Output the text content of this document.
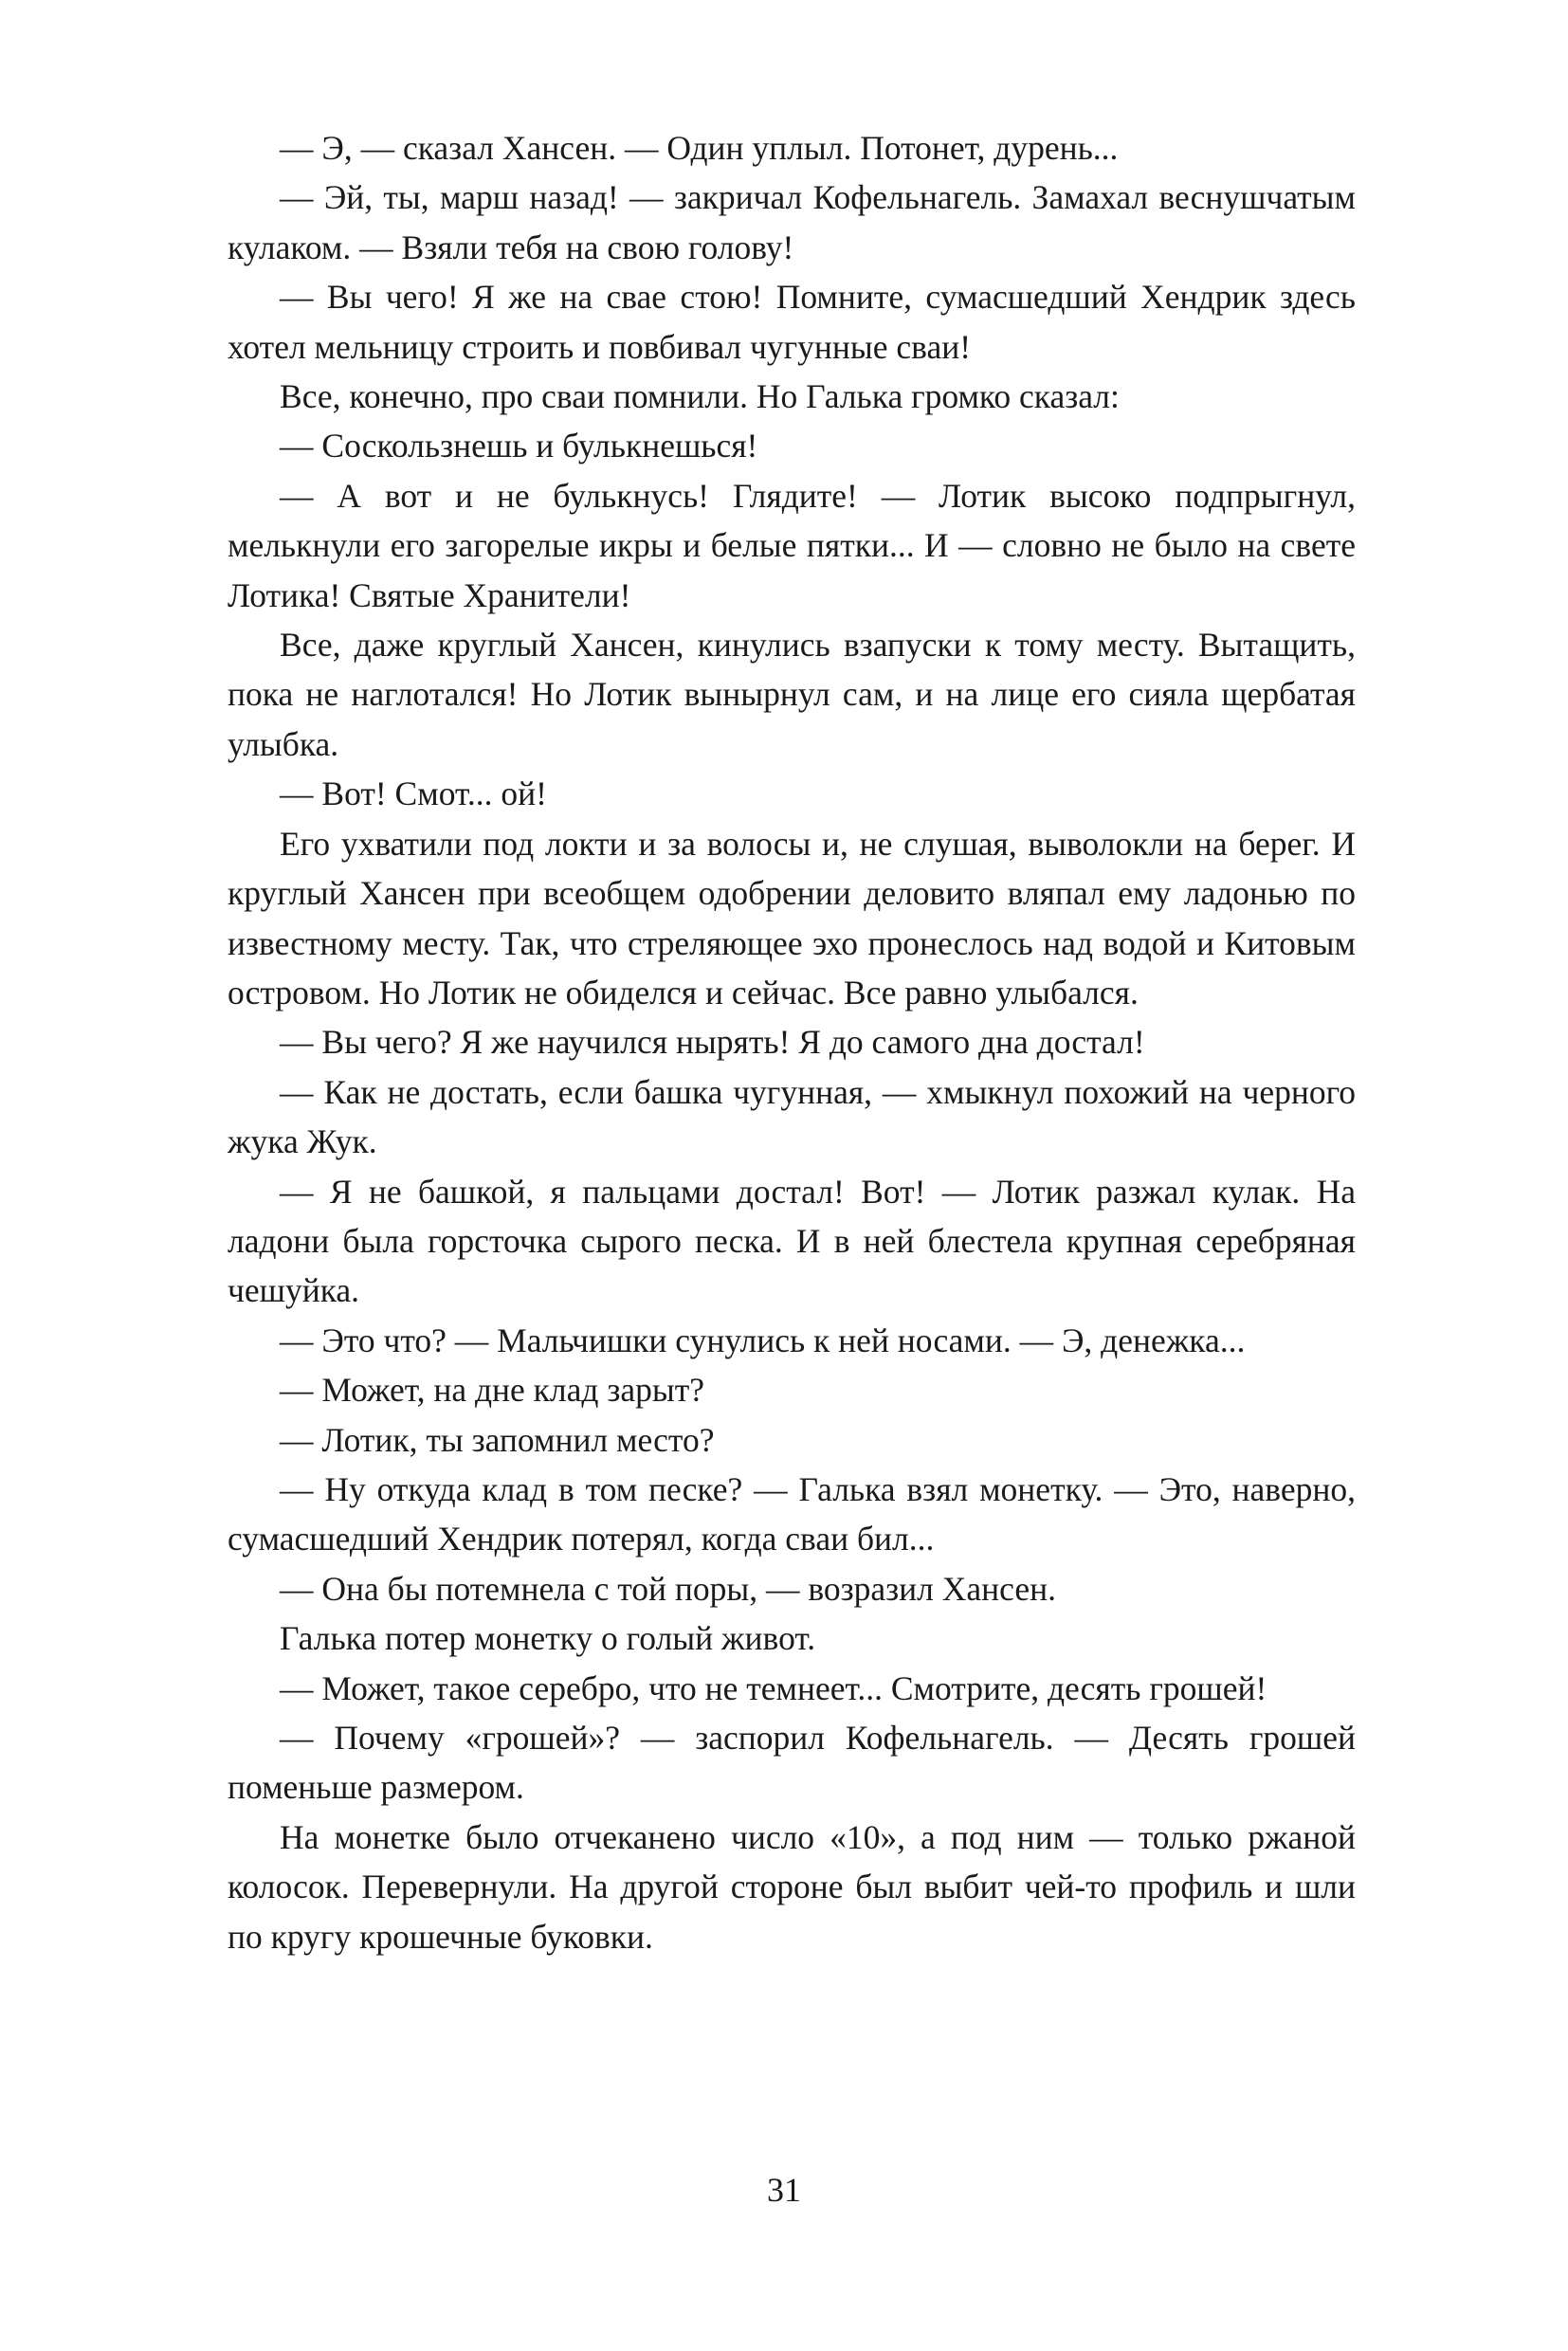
— Э, — сказал Хансен. — Один уплыл. Потонет, дурень...

— Эй, ты, марш назад! — закричал Кофельнагель. Замахал веснушчатым кулаком. — Взяли тебя на свою голову!

— Вы чего! Я же на свае стою! Помните, сумасшедший Хендрик здесь хотел мельницу строить и повбивал чугунные сваи!

Все, конечно, про сваи помнили. Но Галька громко сказал:

— Соскользнешь и булькнешься!

— А вот и не булькнусь! Глядите! — Лотик высоко подпрыгнул, мелькнули его загорелые икры и белые пятки... И — словно не было на свете Лотика! Святые Хранители!

Все, даже круглый Хансен, кинулись взапуски к тому месту. Вытащить, пока не наглотался! Но Лотик вынырнул сам, и на лице его сияла щербатая улыбка.

— Вот! Смот... ой!

Его ухватили под локти и за волосы и, не слушая, выволокли на берег. И круглый Хансен при всеобщем одобрении деловито вляпал ему ладонью по известному месту. Так, что стреляющее эхо пронеслось над водой и Китовым островом. Но Лотик не обиделся и сейчас. Все равно улыбался.

— Вы чего? Я же научился нырять! Я до самого дна достал!

— Как не достать, если башка чугунная, — хмыкнул похожий на черного жука Жук.

— Я не башкой, я пальцами достал! Вот! — Лотик разжал кулак. На ладони была горсточка сырого песка. И в ней блестела крупная серебряная чешуйка.

— Это что? — Мальчишки сунулись к ней носами. — Э, денежка...

— Может, на дне клад зарыт?

— Лотик, ты запомнил место?

— Ну откуда клад в том песке? — Галька взял монетку. — Это, наверно, сумасшедший Хендрик потерял, когда сваи бил...

— Она бы потемнела с той поры, — возразил Хансен.

Галька потер монетку о голый живот.

— Может, такое серебро, что не темнеет... Смотрите, десять грошей!

— Почему «грошей»? — заспорил Кофельнагель. — Десять грошей поменьше размером.

На монетке было отчеканено число «10», а под ним — только ржаной колосок. Перевернули. На другой стороне был выбит чей-то профиль и шли по кругу крошечные буковки.

31
